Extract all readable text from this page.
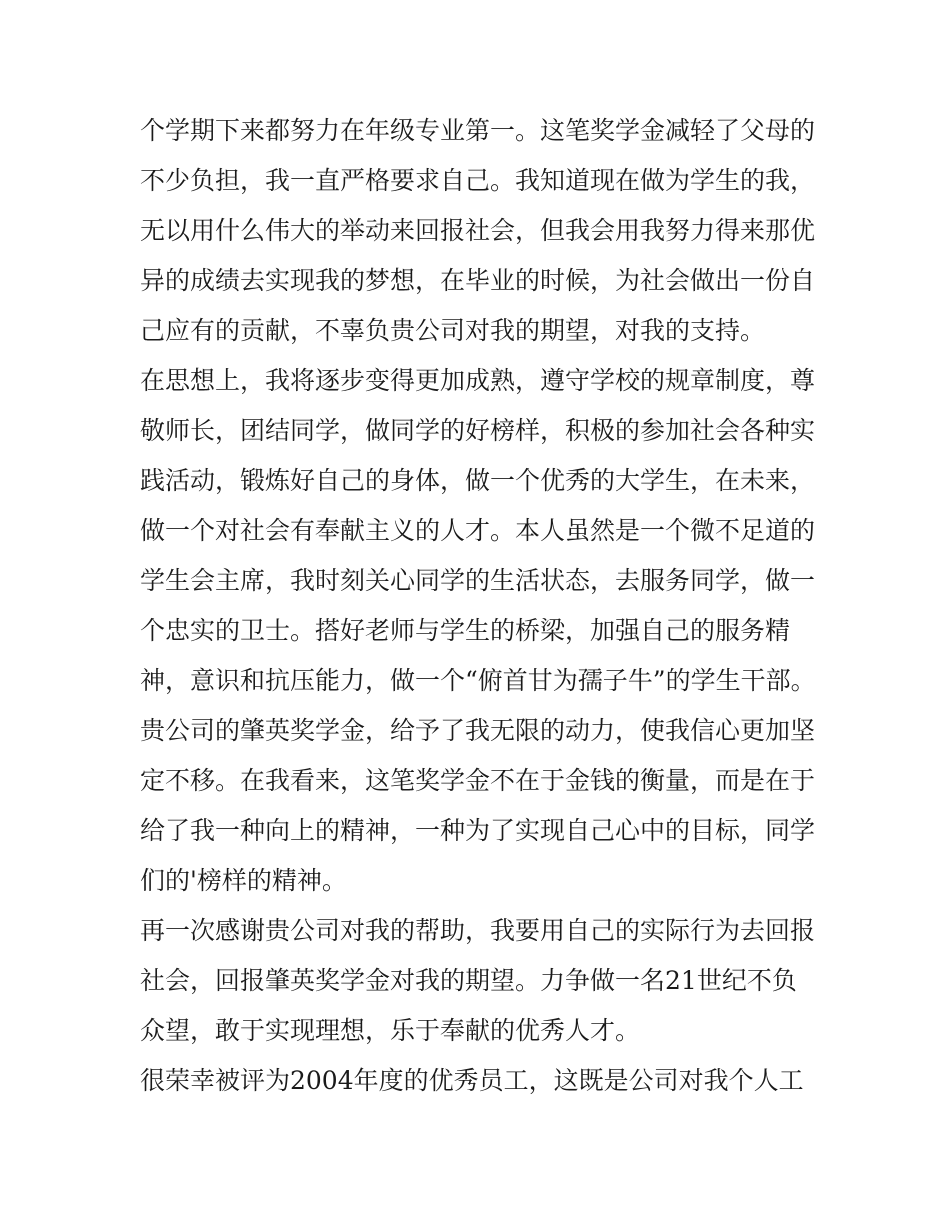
个学期下来都努力在年级专业第一。这笔奖学金减轻了父母的
不少负担，我一直严格要求自己。我知道现在做为学生的我，
无以用什么伟大的举动来回报社会，但我会用我努力得来那优
异的成绩去实现我的梦想，在毕业的时候，为社会做出一份自
己应有的贡献，不辜负贵公司对我的期望，对我的支持。
在思想上，我将逐步变得更加成熟，遵守学校的规章制度，尊
敬师长，团结同学，做同学的好榜样，积极的参加社会各种实
践活动，锻炼好自己的身体，做一个优秀的大学生，在未来，
做一个对社会有奉献主义的人才。本人虽然是一个微不足道的
学生会主席，我时刻关心同学的生活状态，去服务同学，做一
个忠实的卫士。搭好老师与学生的桥梁，加强自己的服务精
神，意识和抗压能力，做一个“俯首甘为孺子牛”的学生干部。
贵公司的肇英奖学金，给予了我无限的动力，使我信心更加坚
定不移。在我看来，这笔奖学金不在于金钱的衡量，而是在于
给了我一种向上的精神，一种为了实现自己心中的目标，同学
们的'榜样的精神。
再一次感谢贵公司对我的帮助，我要用自己的实际行为去回报
社会，回报肇英奖学金对我的期望。力争做一名21世纪不负
众望，敢于实现理想，乐于奉献的优秀人才。
很荣幸被评为2004年度的优秀员工，这既是公司对我个人工
